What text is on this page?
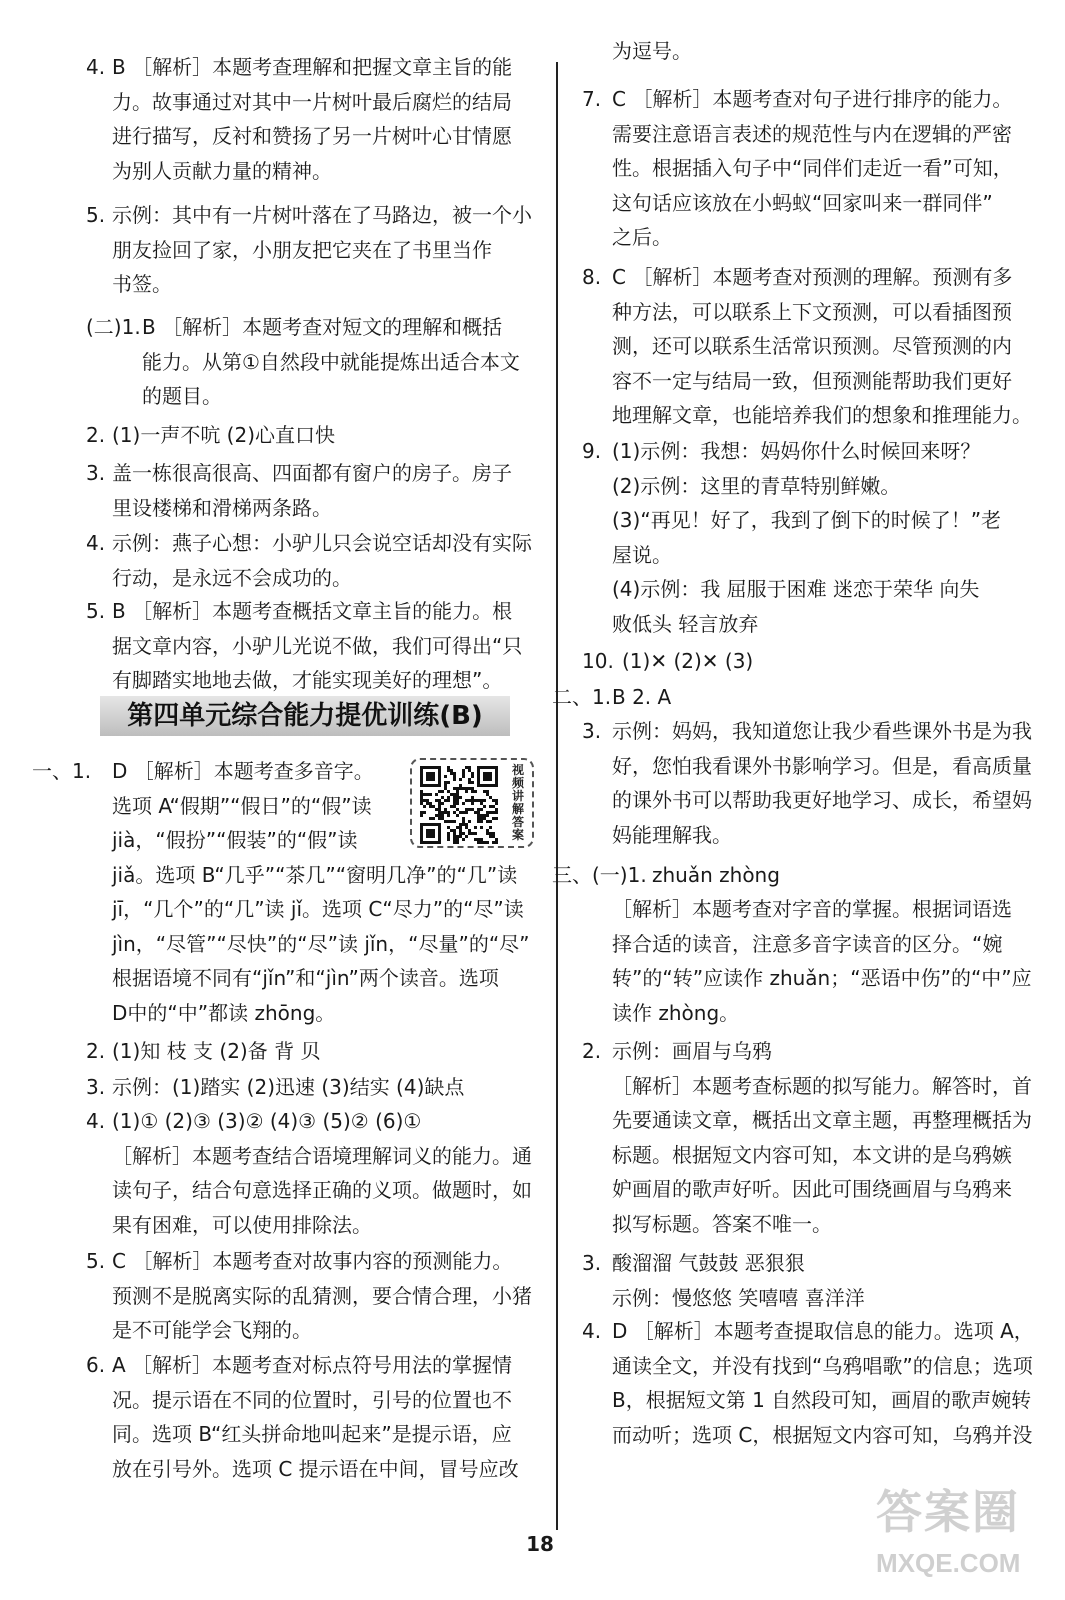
4. B ［解析］本题考查理解和把握文章主旨的能
力。故事通过对其中一片树叶最后腐烂的结局
进行描写，反衬和赞扬了另一片树叶心甘情愿
为别人贡献力量的精神。
5. 示例：其中有一片树叶落在了马路边，被一个小
朋友捡回了家，小朋友把它夹在了书里当作
书签。
(二)1. B ［解析］本题考查对短文的理解和概括
能力。从第①自然段中就能提炼出适合本文
的题目。
2. (1)一声不吭 (2)心直口快
3. 盖一栋很高很高、四面都有窗户的房子。房子
里设楼梯和滑梯两条路。
4. 示例：燕子心想：小驴儿只会说空话却没有实际
行动，是永远不会成功的。
5. B ［解析］本题考查概括文章主旨的能力。根
据文章内容，小驴儿光说不做，我们可得出“只
有脚踏实地地去做，才能实现美好的理想”。
一、1. D ［解析］本题考查多音字。
选项 A“假期”“假日”的“假”读
jià，“假扮”“假装”的“假”读
jiǎ。选项 B“几乎”“茶几”“窗明几净”的“几”读
jī，“几个”的“几”读 jǐ。选项 C“尽力”的“尽”读
jìn，“尽管”“尽快”的“尽”读 jǐn，“尽量”的“尽”
根据语境不同有“jǐn”和“jìn”两个读音。选项
D中的“中”都读 zhōng。
2. (1)知 枝 支 (2)备 背 贝
3. 示例：(1)踏实 (2)迅速 (3)结实 (4)缺点
4. (1)① (2)③ (3)② (4)③ (5)② (6)①
［解析］本题考查结合语境理解词义的能力。通
读句子，结合句意选择正确的义项。做题时，如
果有困难，可以使用排除法。
5. C ［解析］本题考查对故事内容的预测能力。
预测不是脱离实际的乱猜测，要合情合理，小猪
是不可能学会飞翔的。
6. A ［解析］本题考查对标点符号用法的掌握情
况。提示语在不同的位置时，引号的位置也不
同。选项 B“红头拼命地叫起来”是提示语，应
放在引号外。选项 C 提示语在中间，冒号应改
为逗号。
7. C ［解析］本题考查对句子进行排序的能力。
需要注意语言表述的规范性与内在逻辑的严密
性。根据插入句子中“同伴们走近一看”可知，
这句话应该放在小蚂蚁“回家叫来一群同伴”
之后。
8. C ［解析］本题考查对预测的理解。预测有多
种方法，可以联系上下文预测，可以看插图预
测，还可以联系生活常识预测。尽管预测的内
容不一定与结局一致，但预测能帮助我们更好
地理解文章，也能培养我们的想象和推理能力。
9. (1)示例：我想：妈妈你什么时候回来呀？
(2)示例：这里的青草特别鲜嫩。
(3)“再见！好了，我到了倒下的时候了！”老
屋说。
(4)示例：我 屈服于困难 迷恋于荣华 向失
败低头 轻言放弃
10. (1)✕ (2)✕ (3)
二、1. B 2. A
3. 示例：妈妈，我知道您让我少看些课外书是为我
好，您怕我看课外书影响学习。但是，看高质量
的课外书可以帮助我更好地学习、成长，希望妈
妈能理解我。
三、(一)1. zhuǎn zhòng
［解析］本题考查对字音的掌握。根据词语选
择合适的读音，注意多音字读音的区分。“婉
转”的“转”应读作 zhuǎn；“恶语中伤”的“中”应
读作 zhòng。
2. 示例：画眉与乌鸦
［解析］本题考查标题的拟写能力。解答时，首
先要通读文章，概括出文章主题，再整理概括为
标题。根据短文内容可知，本文讲的是乌鸦嫉
妒画眉的歌声好听。因此可围绕画眉与乌鸦来
拟写标题。答案不唯一。
3. 酸溜溜 气鼓鼓 恶狠狠
示例：慢悠悠 笑嘻嘻 喜洋洋
4. D ［解析］本题考查提取信息的能力。选项 A，
通读全文，并没有找到“乌鸦唱歌”的信息；选项
B，根据短文第 1 自然段可知，画眉的歌声婉转
而动听；选项 C，根据短文内容可知，乌鸦并没
第四单元综合能力提优训练(B)
视频讲解答案
18
答案圈
MXQE.COM
